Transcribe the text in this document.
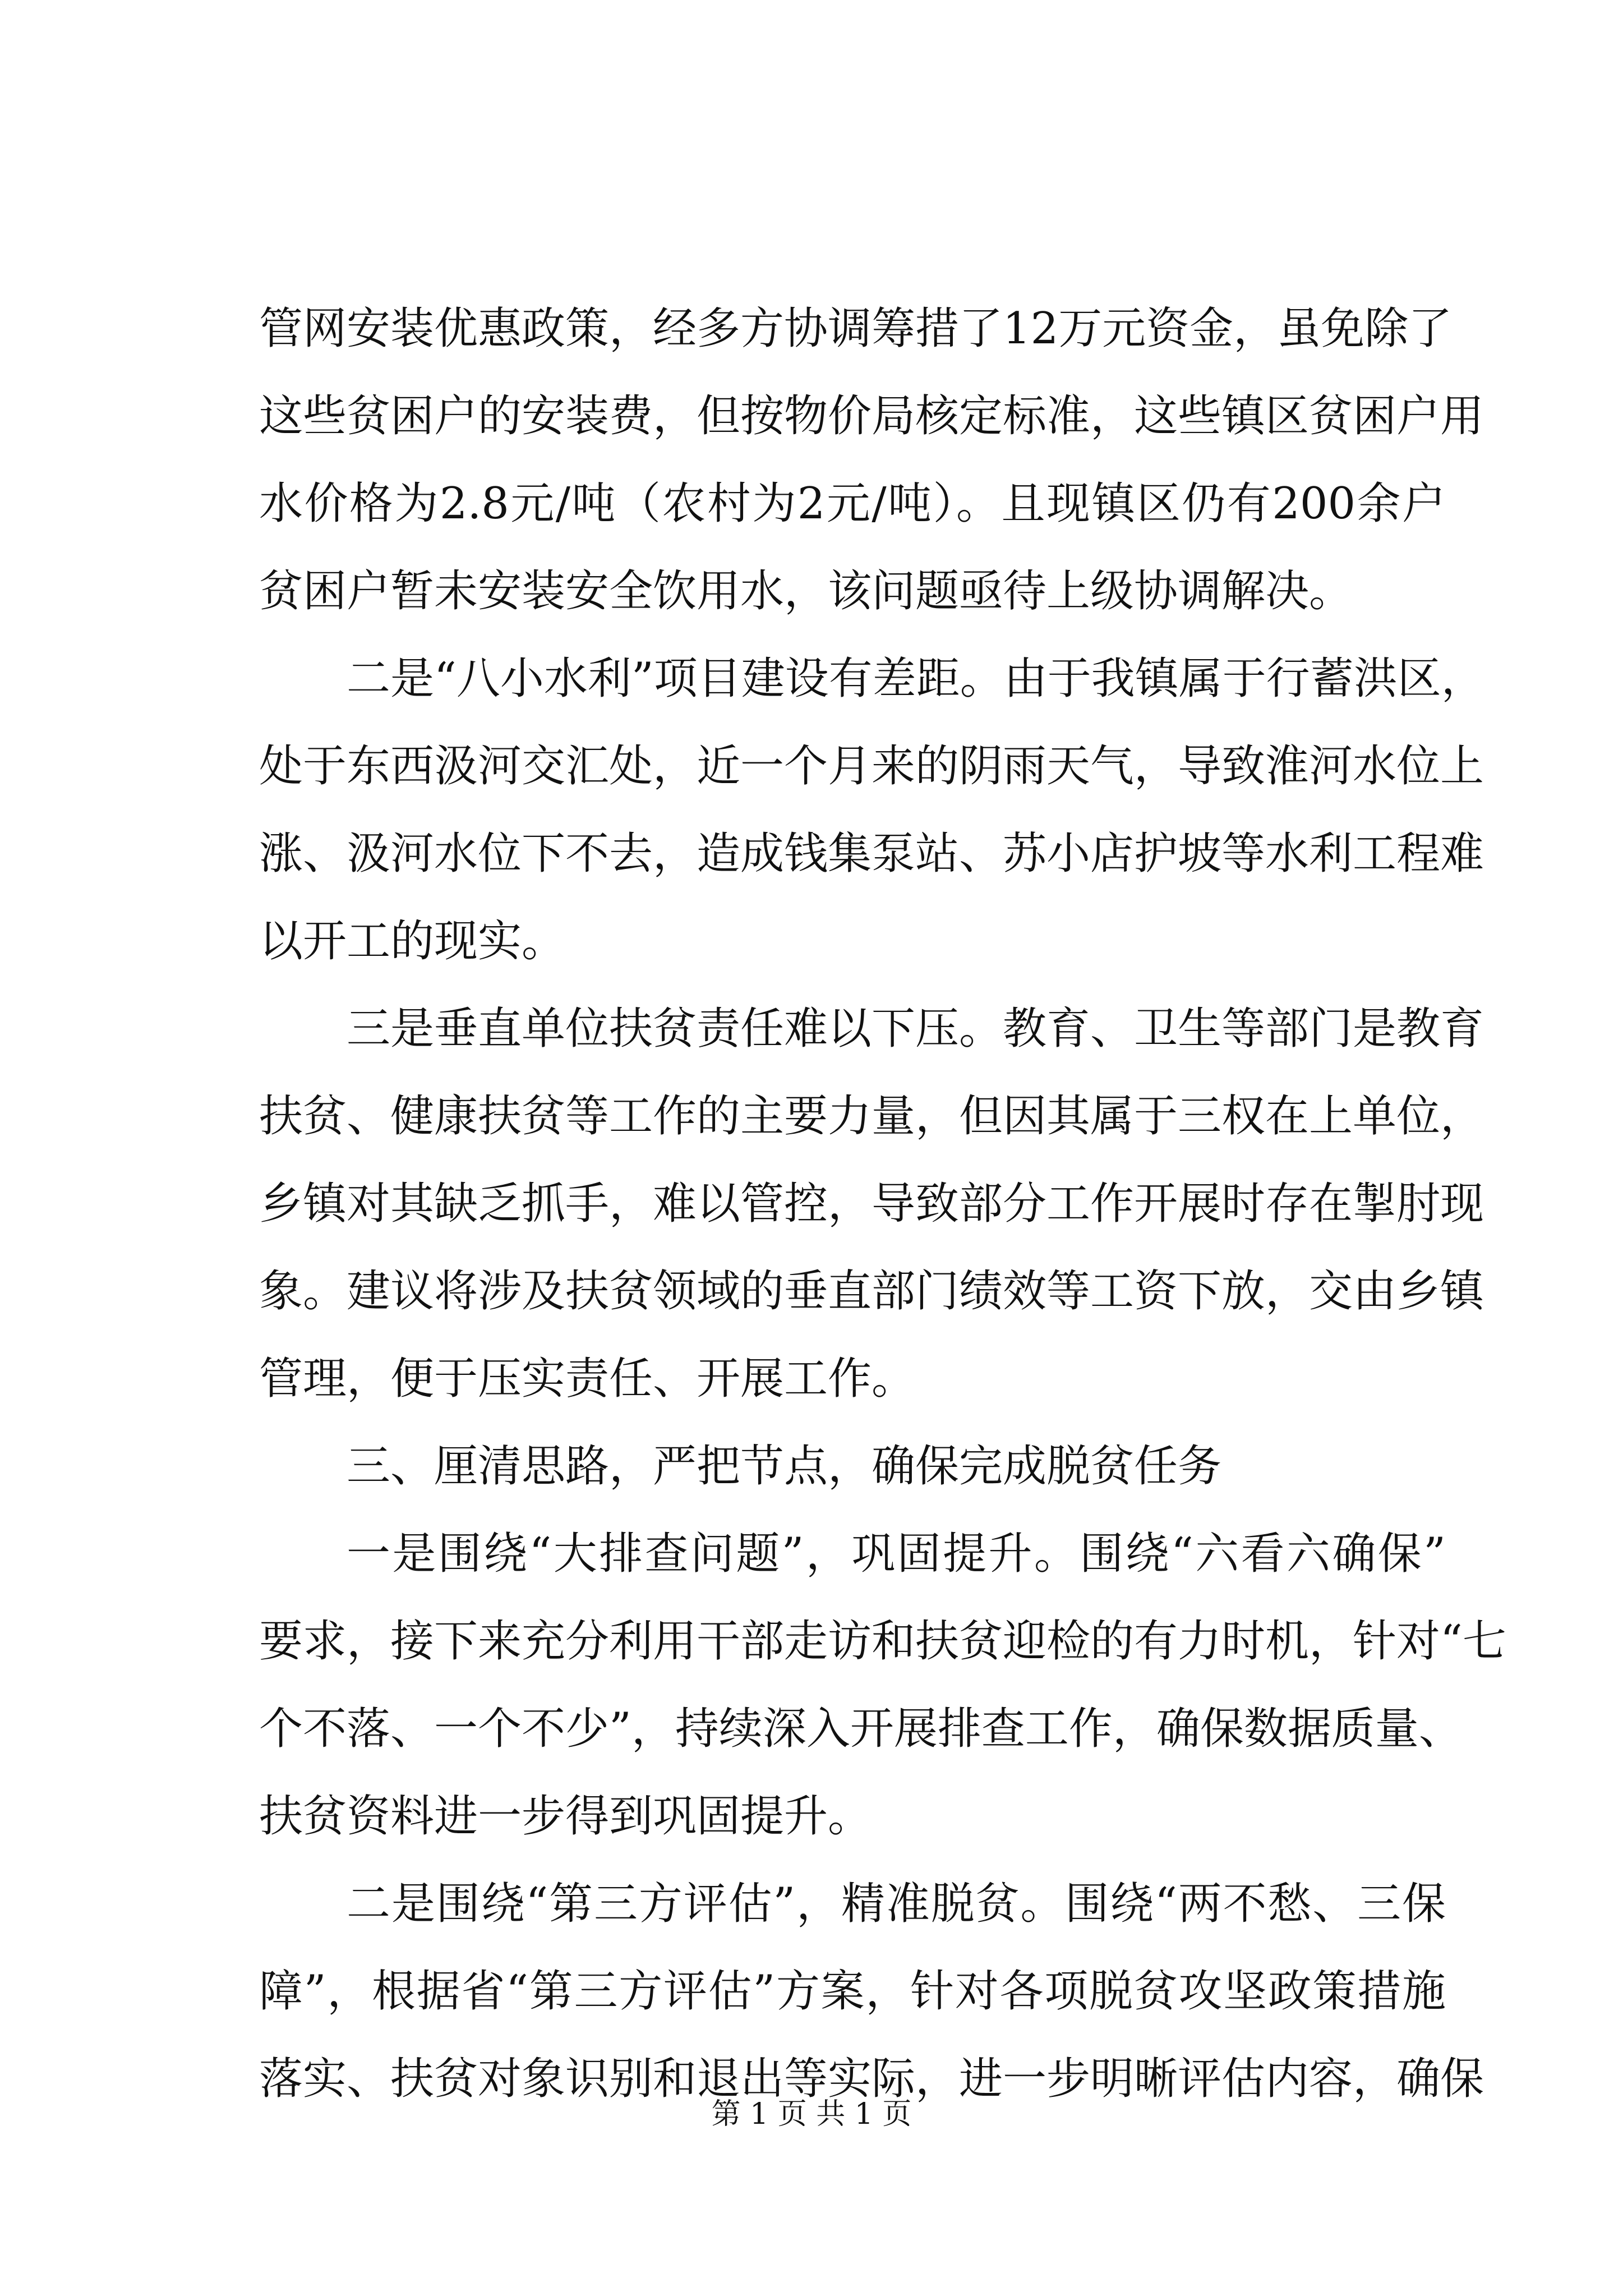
管网安装优惠政策，经多方协调筹措了12万元资金，虽免除了
这些贫困户的安装费，但按物价局核定标准，这些镇区贫困户用
水价格为2.8元/吨（农村为2元/吨）。且现镇区仍有200余户
贫困户暂未安装安全饮用水，该问题亟待上级协调解决。
二是“八小水利”项目建设有差距。由于我镇属于行蓄洪区，
处于东西汲河交汇处，近一个月来的阴雨天气，导致淮河水位上
涨、汲河水位下不去，造成钱集泵站、苏小店护坡等水利工程难
以开工的现实。
三是垂直单位扶贫责任难以下压。教育、卫生等部门是教育
扶贫、健康扶贫等工作的主要力量，但因其属于三权在上单位，
乡镇对其缺乏抓手，难以管控，导致部分工作开展时存在掣肘现
象。建议将涉及扶贫领域的垂直部门绩效等工资下放，交由乡镇
管理，便于压实责任、开展工作。
三、厘清思路，严把节点，确保完成脱贫任务
一是围绕“大排查问题”，巩固提升。围绕“六看六确保”
要求，接下来充分利用干部走访和扶贫迎检的有力时机，针对“七
个不落、一个不少”，持续深入开展排查工作，确保数据质量、
扶贫资料进一步得到巩固提升。
二是围绕“第三方评估”，精准脱贫。围绕“两不愁、三保
障”，根据省“第三方评估”方案，针对各项脱贫攻坚政策措施
落实、扶贫对象识别和退出等实际，进一步明晰评估内容，确保
第 1 页 共 1 页
